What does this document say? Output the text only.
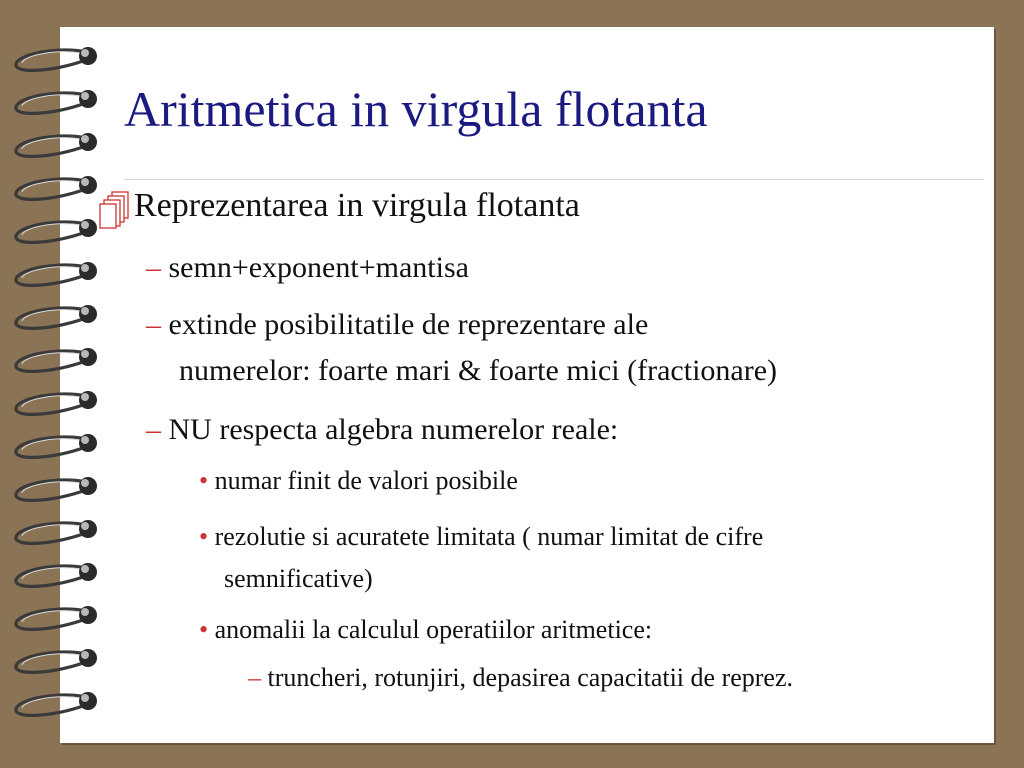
Aritmetica in virgula flotanta
Reprezentarea in virgula flotanta
– semn+exponent+mantisa
– extinde posibilitatile de reprezentare ale
numerelor: foarte mari & foarte mici (fractionare)
– NU respecta algebra numerelor reale:
• numar finit de valori posibile
• rezolutie si acuratete limitata ( numar limitat de cifre
semnificative)
• anomalii la calculul operatiilor aritmetice:
– truncheri, rotunjiri, depasirea capacitatii de reprez.
